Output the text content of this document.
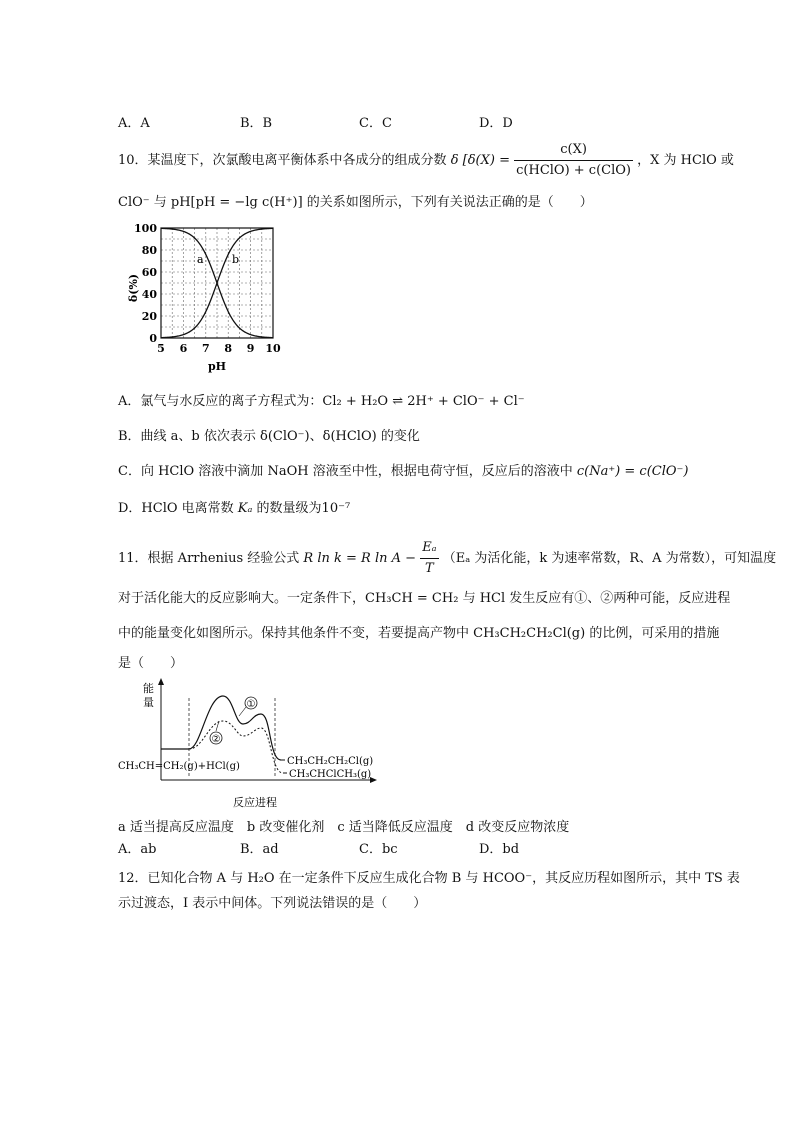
A．A	B．B	C．C	D．D
10．某温度下，次氯酸电离平衡体系中各成分的组成分数 δ [$\delta(X) = \frac{c(X)}{\text{c(HClO) + c(ClO)}}$ ，X 为 HClO 或
ClO⁻ 与 pH[pH = −lg c(H⁺)] 的关系如图所示，下列有关说法正确的是（　　）
5 6 7 8 9 10
0
20
40
60
80
100
a	b
δ(%)
pH
A．氯气与水反应的离子方程式为：Cl₂ + H₂O ⇌ 2H⁺ + ClO⁻ + Cl⁻
B．曲线 a、b 依次表示 δ(ClO⁻)、δ(HClO) 的变化
C．向 HClO 溶液中滴加 NaOH 溶液至中性，根据电荷守恒，反应后的溶液中 c(Na⁺) = c(ClO⁻)
D．HClO 电离常数 Kₐ 的数量级为10⁻⁷
11．根据 Arrhenius 经验公式 R ln k = R $\ln A - \frac{\text{Eₐ}}{T} (E_a$ 为活化能，k 为速率常数，R、A 为常数），可知温度
对于活化能大的反应影响大。一定条件下，CH₃CH = CH₂ 与 HCl 发生反应有①、②两种可能，反应进程
中的能量变化如图所示。保持其他条件不变，若要提高产物中 CH₃CH₂CH₂Cl(g) 的比例，可采用的措施
是（　　）
能
量	①
②
CH₃CH=CH₂(g)+HCl(g)	CH₃CH₂CH₂Cl(g)
CH₃CHClCH₃(g)
反应进程
a 适当提高反应温度　b 改变催化剂　c 适当降低反应温度　d 改变反应物浓度
A．ab	B．ad	C．bc	D．bd
12．已知化合物 A 与 H₂O 在一定条件下反应生成化合物 B 与 HCOO⁻，其反应历程如图所示，其中 TS 表
示过渡态，I 表示中间体。下列说法错误的是（　　）
